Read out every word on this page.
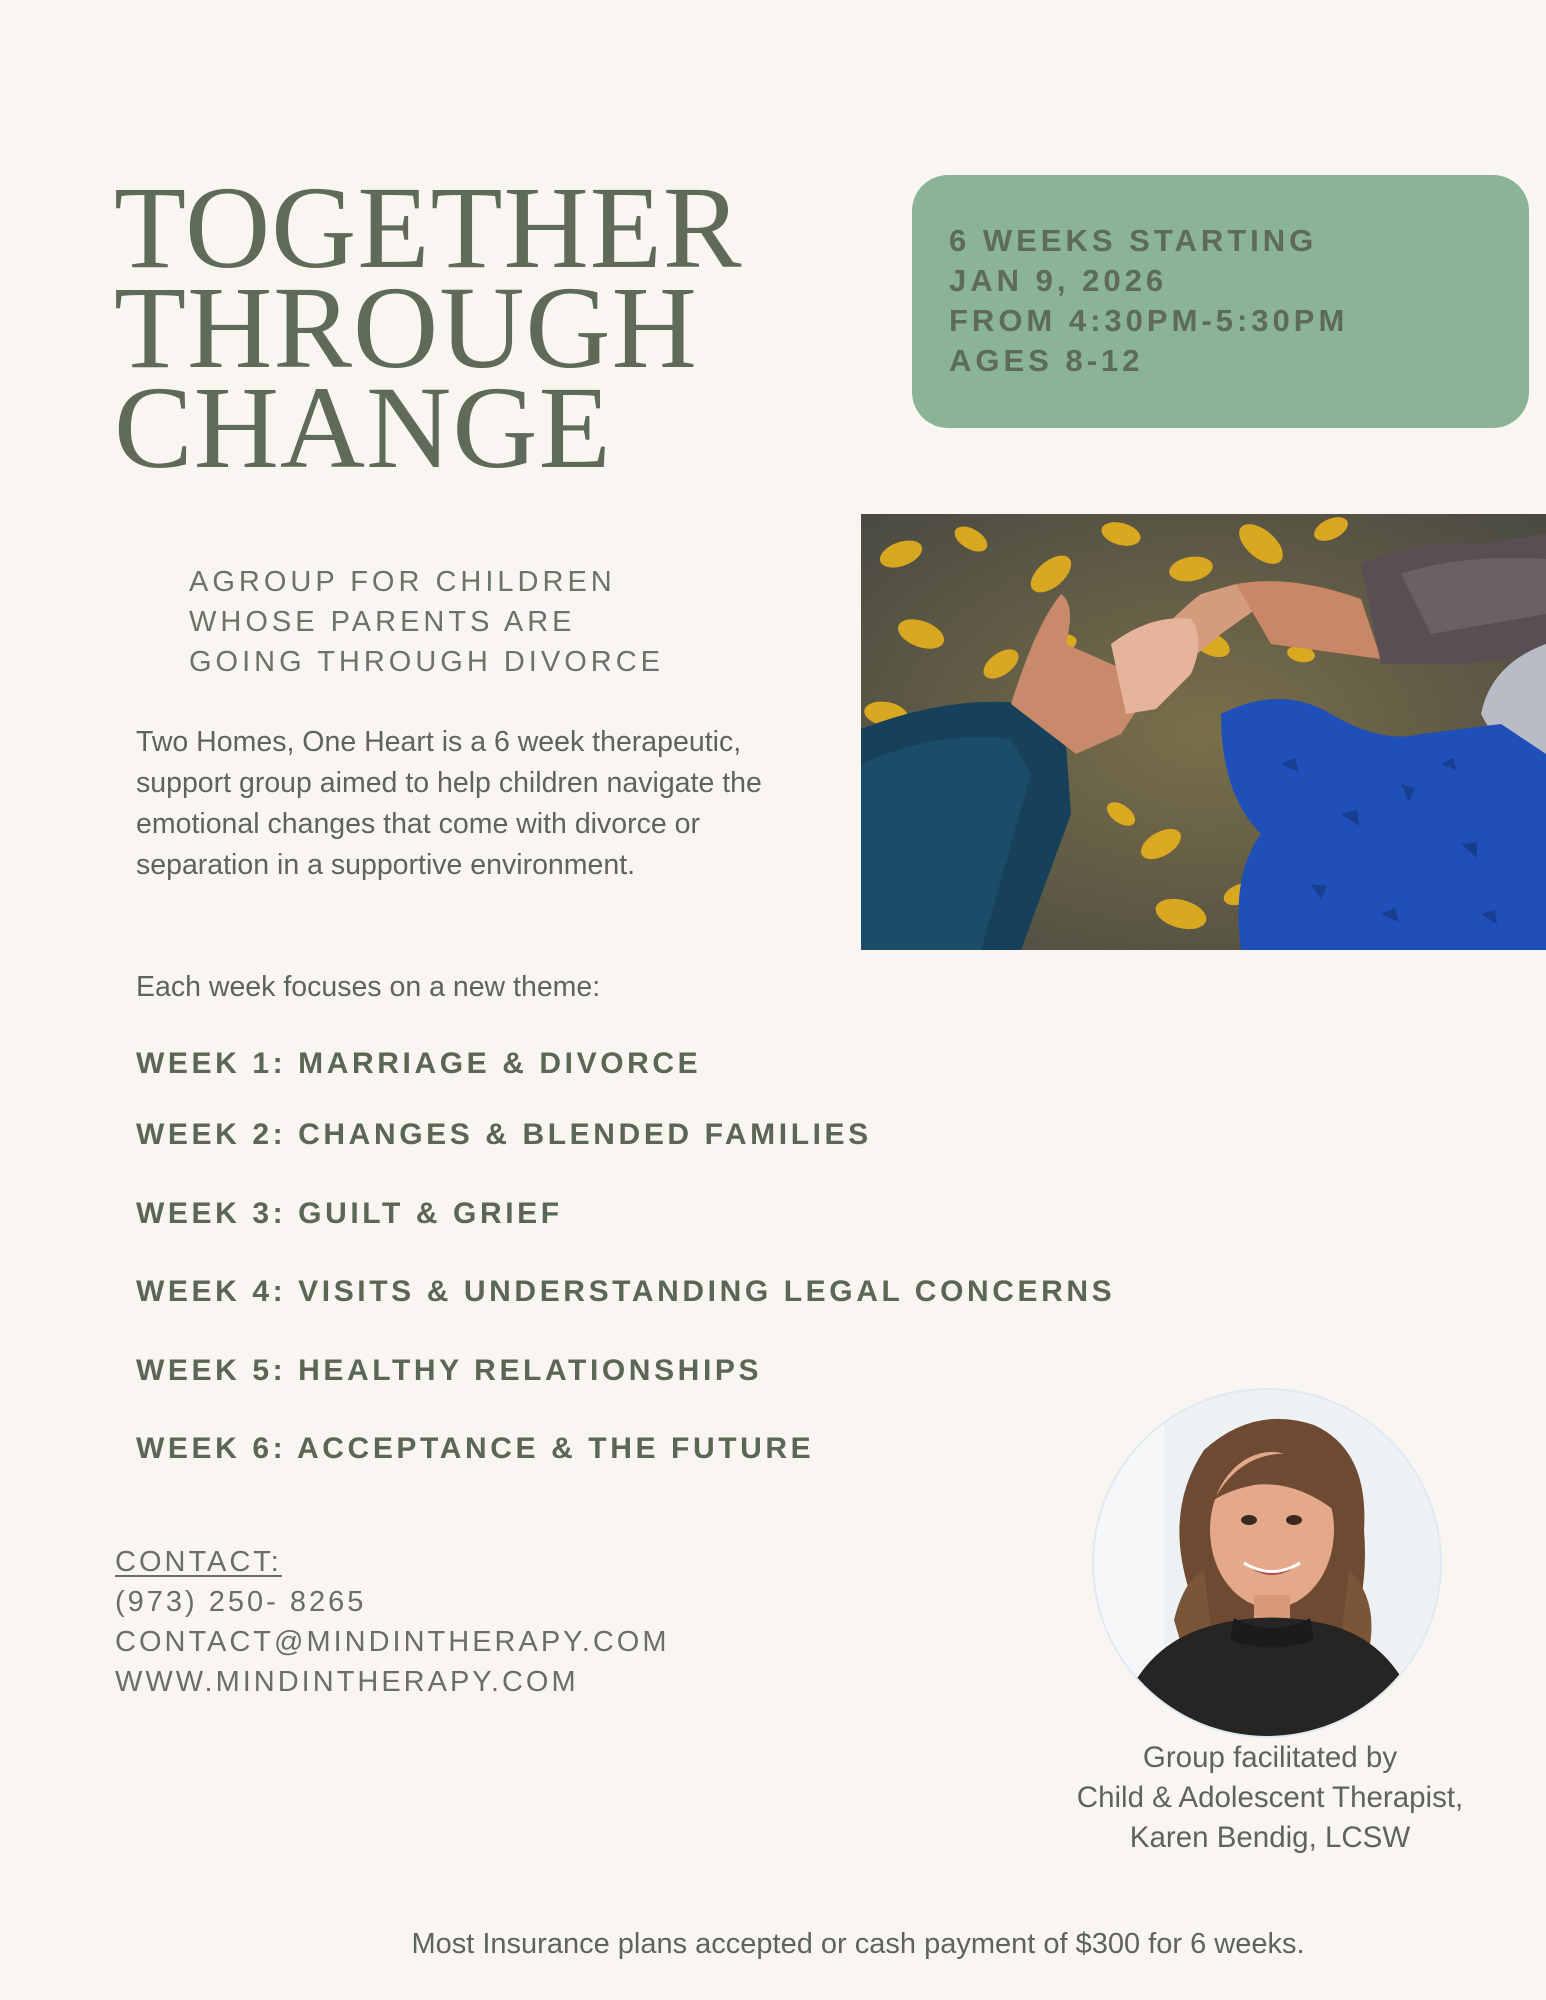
TOGETHER
THROUGH
CHANGE
6 WEEKS STARTING
JAN 9, 2026
FROM 4:30PM-5:30PM
AGES 8-12
AGROUP FOR CHILDREN
WHOSE PARENTS ARE
GOING THROUGH DIVORCE

Two Homes, One Heart is a 6 week therapeutic, support group aimed to help children navigate the emotional changes that come with divorce or separation in a supportive environment.

Each week focuses on a new theme:

WEEK 1: MARRIAGE & DIVORCE

WEEK 2: CHANGES & BLENDED FAMILIES

WEEK 3: GUILT & GRIEF

WEEK 4: VISITS & UNDERSTANDING LEGAL CONCERNS

WEEK 5: HEALTHY RELATIONSHIPS

WEEK 6: ACCEPTANCE & THE FUTURE

CONTACT:
(973) 250- 8265
CONTACT@MINDINTHERAPY.COM
WWW.MINDINTHERAPY.COM
Group facilitated by
Child & Adolescent Therapist,
Karen Bendig, LCSW

Most Insurance plans accepted or cash payment of $300 for 6 weeks.
